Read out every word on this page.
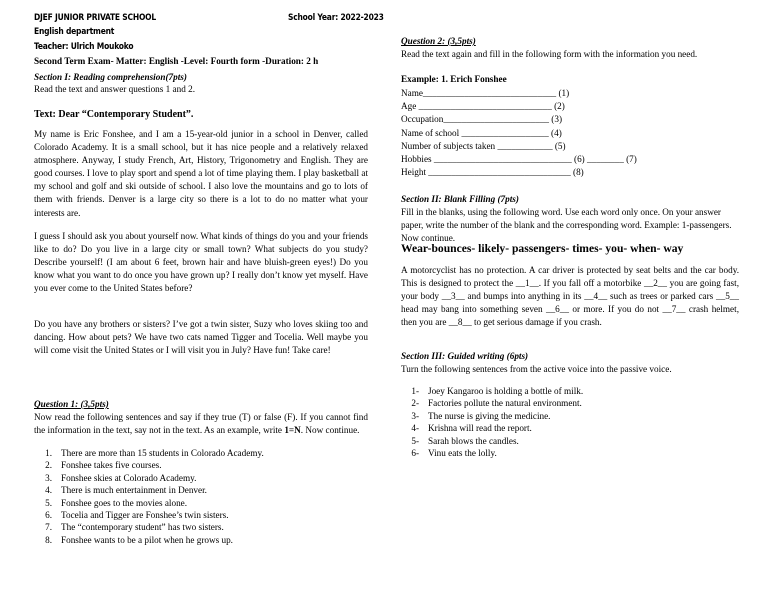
DJEF JUNIOR PRIVATE SCHOOL	School Year: 2022-2023
English department
Teacher: Ulrich Moukoko
Second Term Exam- Matter: English -Level: Fourth form -Duration: 2 h
Section I: Reading comprehension(7pts)
Read the text and answer questions 1 and 2.
Text: Dear “Contemporary Student”.

My name is Eric Fonshee, and I am a 15-year-old junior in a school in Denver, called Colorado Academy. It is a small school, but it has nice people and a relatively relaxed atmosphere. Anyway, I study French, Art, History, Trigonometry and English. They are good courses. I love to play sport and spend a lot of time playing them. I play basketball at my school and golf and ski outside of school. I also love the mountains and go to lots of them with friends. Denver is a large city so there is a lot to do no matter what your interests are.

I guess I should ask you about yourself now. What kinds of things do you and your friends like to do? Do you live in a large city or small town? What subjects do you study? Describe yourself! (I am about 6 feet, brown hair and have bluish-green eyes!) Do you know what you want to do once you have grown up? I really don’t know yet myself. Have you ever come to the United States before?

Do you have any brothers or sisters? I’ve got a twin sister, Suzy who loves skiing too and dancing. How about pets? We have two cats named Tigger and Tocelia. Well maybe you will come visit the United States or I will visit you in July? Have fun! Take care!

Question 1: (3,5pts)

Now read the following sentences and say if they true (T) or false (F). If you cannot find the information in the text, say not in the text. As an example, write 1=N. Now continue.

1. There are more than 15 students in Colorado Academy.
2. Fonshee takes five courses.
3. Fonshee skies at Colorado Academy.
4. There is much entertainment in Denver.
5. Fonshee goes to the movies alone.
6. Tocelia and Tigger are Fonshee’s twin sisters.
7. The “contemporary student” has two sisters.
8. Fonshee wants to be a pilot when he grows up.
Question 2: (3,5pts)

Read the text again and fill in the following form with the information you need.

Example: 1. Erich Fonshee
Name_____________________________ (1)
Age _____________________________ (2)
Occupation_______________________ (3)
Name of school ___________________ (4)
Number of subjects taken ____________ (5)
Hobbies ______________________________ (6) ________ (7)
Height _______________________________ (8)
Section II: Blank Filling (7pts)

Fill in the blanks, using the following word. Use each word only once. On your answer paper, write the number of the blank and the corresponding word. Example: 1-passengers. Now continue.

Wear-bounces- likely- passengers- times- you- when- way

A motorcyclist has no protection. A car driver is protected by seat belts and the car body. This is designed to protect the __1__. If you fall off a motorbike __2__ you are going fast, your body __3__ and bumps into anything in its __4__ such as trees or parked cars __5__ head may bang into something seven __6__ or more. If you do not __7__ crash helmet, then you are __8__ to get serious damage if you crash.

Section III: Guided writing (6pts)
Turn the following sentences from the active voice into the passive voice.
1- Joey Kangaroo is holding a bottle of milk.
2- Factories pollute the natural environment.
3- The nurse is giving the medicine.
4- Krishna will read the report.
5- Sarah blows the candles.
6- Vinu eats the lolly.
